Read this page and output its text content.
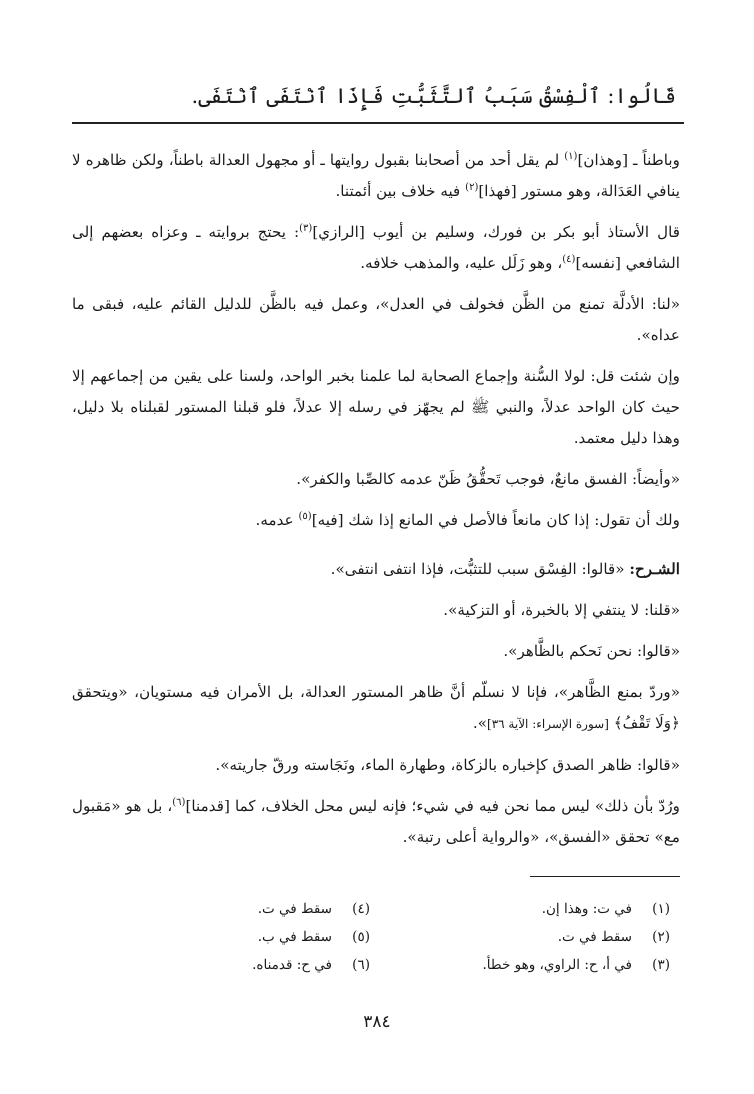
قَالُوا: ٱلْفِسْقُ سَبَبُ ٱلتَّثَبُّتِ فَإِذَا ٱنْتَفَى ٱنْتَفَى.

وباطناً ـ [وهذان]$^{(١)}$ لم يقل أحد من أصحابنا بقبول روايتها ـ أو مجهول العدالة باطناً، ولكن ظاهره لا ينافي العَدَالة، وهو مستور [فهذا]$^{(٢)}$ فيه خلاف بين أئمتنا.

قال الأستاذ أبو بكر بن فورك، وسليم بن أيوب [الرازي]$^{(٣)}$: يحتج بروايته ـ وعزاه بعضهم إلى الشافعي [نفسه]$^{(٤)}$، وهو زَلَل عليه، والمذهب خلافه.

«لنا: الأدلَّة تمنع من الظَّن فخولف في العدل»، وعمل فيه بالظَّن للدليل القائم عليه، فبقى ما عداه».

وإن شئت قل: لولا السُّنة وإجماع الصحابة لما علمنا بخبر الواحد، ولسنا على يقين من إجماعهم إلا حيث كان الواحد عدلاً، والنبي ﷺ لم يجهّز في رسله إلا عدلاً، فلو قبلنا المستور لقبلناه بلا دليل، وهذا دليل معتمد.

«وأيضاً: الفسق مانعٌ، فوجب تَحقُّقُ ظَنّ عدمه كالصِّبا والكفر».

ولك أن تقول: إذا كان مانعاً فالأصل في المانع إذا شك [فيه]$^{(٥)}$ عدمه.

الشـرح: «قالوا: الفِسْق سبب للتثبُّت، فإذا انتفى انتفى».

«قلنا: لا ينتفي إلا بالخبرة، أو التزكية».

«قالوا: نحن نَحكم بالظَّاهر».

«وردّ بمنع الظَّاهر»، فإنا لا نسلّم أنَّ ظاهر المستور العدالة، بل الأمران فيه مستويان، «ويتحقق ﴿وَلَا تَقْفُ﴾ [سورة الإسراء: الآية ٣٦]».

«قالوا: ظاهر الصدق كإخباره بالزكاة، وطهارة الماء، ونَجَاسته ورقّ جاريته».

ورُدّ بأن ذلك» ليس مما نحن فيه في شيء؛ فإنه ليس محل الخلاف، كما [قدمنا]$^{(٦)}$، بل هو «مَقبول مع» تحقق «الفسق»، «والرواية أعلى رتبة».

(١)في ت: وهذا إن.
(٢)سقط في ت.
(٣)في أ، ح: الراوي، وهو خطأ.
(٤)سقط في ت.
(٥)سقط في ب.
(٦)في ح: قدمناه.
٣٨٤
